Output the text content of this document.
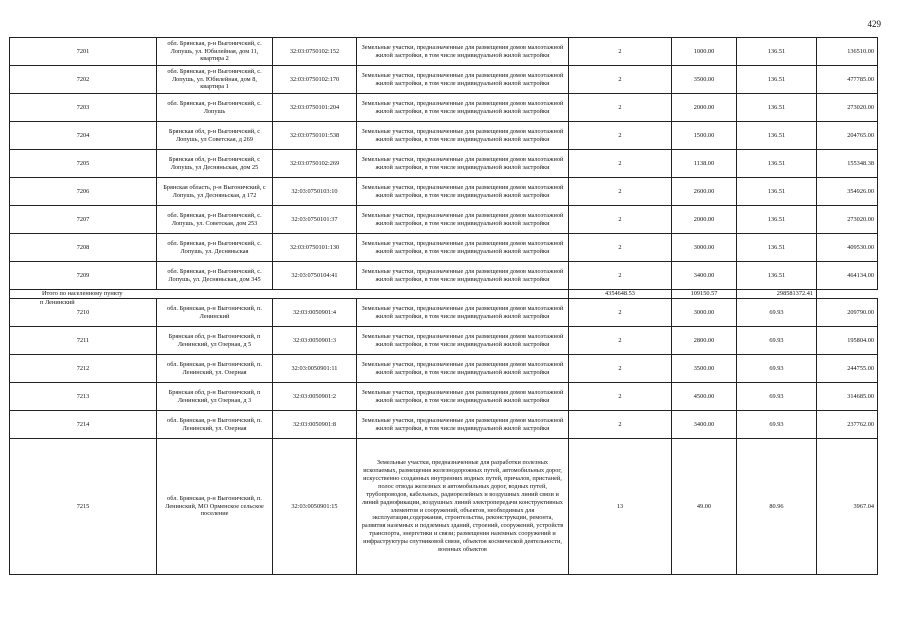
429
7201	обл. Брянская, р-н Выгоничский, с. Лопушь, ул. Юбилейная, дом 11, квартира 2	32:03:0750102:152	Земельные участки, предназначенные для размещения домов малоэтажной жилой застройки, в том числе индивидуальной жилой застройки	2	1000.00	136.51	136510.00
7202	обл. Брянская, р-н Выгоничский, с. Лопушь, ул. Юбилейная, дом 8, квартира 1	32:03:0750102:170	Земельные участки, предназначенные для размещения домов малоэтажной жилой застройки, в том числе индивидуальной жилой застройки	2	3500.00	136.51	477785.00
7203	обл. Брянская, р-н Выгоничский, с. Лопушь	32:03:0750101:204	Земельные участки, предназначенные для размещения домов малоэтажной жилой застройки, в том числе индивидуальной жилой застройки	2	2000.00	136.51	273020.00
7204	Брянская обл, р-н Выгоничский, с Лопушь, ул Советская, д 269	32:03:0750101:538	Земельные участки, предназначенные для размещения домов малоэтажной жилой застройки, в том числе индивидуальной жилой застройки	2	1500.00	136.51	204765.00
7205	Брянская обл, р-н Выгоничский, с Лопушь, ул Десняньская, дом 25	32:03:0750102:269	Земельные участки, предназначенные для размещения домов малоэтажной жилой застройки, в том числе индивидуальной жилой застройки	2	1138.00	136.51	155348.38
7206	Брянская область, р-н Выгоничский, с Лопушь, ул Десняньская, д 172	32:03:0750103:10	Земельные участки, предназначенные для размещения домов малоэтажной жилой застройки, в том числе индивидуальной жилой застройки	2	2600.00	136.51	354926.00
7207	обл. Брянская, р-н Выгоничский, с. Лопушь, ул. Советская, дом 253	32:03:0750101:37	Земельные участки, предназначенные для размещения домов малоэтажной жилой застройки, в том числе индивидуальной жилой застройки	2	2000.00	136.51	273020.00
7208	обл. Брянская, р-н Выгоничский, с. Лопушь, ул. Десняньская	32:03:0750101:130	Земельные участки, предназначенные для размещения домов малоэтажной жилой застройки, в том числе индивидуальной жилой застройки	2	3000.00	136.51	409530.00
7209	обл. Брянская, р-н Выгоничский, с. Лопушь, ул. Десняньская, дом 345	32:03:0750104:41	Земельные участки, предназначенные для размещения домов малоэтажной жилой застройки, в том числе индивидуальной жилой застройки	2	3400.00	136.51	464134.00
Итого по населенному пункту				4354648.53	109150.57	298581372.41	

п Ленинский
7210	обл. Брянская, р-н Выгоничский, п. Ленинский	32:03:0050901:4	Земельные участки, предназначенные для размещения домов малоэтажной жилой застройки, в том числе индивидуальной жилой застройки	2	3000.00	69.93	209790.00
7211	Брянская обл, р-н Выгоничский, п Ленинский, ул Озерная, д 5	32:03:0050901:3	Земельные участки, предназначенные для размещения домов малоэтажной жилой застройки, в том числе индивидуальной жилой застройки	2	2800.00	69.93	195804.00
7212	обл. Брянская, р-н Выгоничский, п. Ленинский, ул. Озерная	32:03:0050901:11	Земельные участки, предназначенные для размещения домов малоэтажной жилой застройки, в том числе индивидуальной жилой застройки	2	3500.00	69.93	244755.00
7213	Брянская обл, р-н Выгоничский, п Ленинский, ул Озерная, д 3	32:03:0050901:2	Земельные участки, предназначенные для размещения домов малоэтажной жилой застройки, в том числе индивидуальной жилой застройки	2	4500.00	69.93	314685.00
7214	обл. Брянская, р-н Выгоничский, п. Ленинский, ул. Озерная	32:03:0050901:8	Земельные участки, предназначенные для размещения домов малоэтажной жилой застройки, в том числе индивидуальной жилой застройки	2	3400.00	69.93	237762.00
7215	обл. Брянская, р-н Выгоничский, п. Ленинский, МО Орменское сельское поселение	32:03:0050901:15	Земельные участки, предназначенные для разработки полезных ископаемых, размещения железнодорожных путей, автомобильных дорог, искусственно созданных внутренних водных путей, причалов, пристаней, полос отвода железных и автомобильных дорог, водных путей, трубопроводов, кабельных, радиорелейных и воздушных линий связи и линий радиофикации, воздушных линий электропередачи конструктивных элементов и сооружений, объектов, необходимых для эксплуатации,содержания, строительства, реконструкции, ремонта, развития наземных и подземных зданий, строений, сооружений, устройств транспорта, энергетики и связи; размещения наземных сооружений и инфраструктуры спутниковой связи, объектов космической деятельности, военных объектов	13	49.00	80.96	3967.04
